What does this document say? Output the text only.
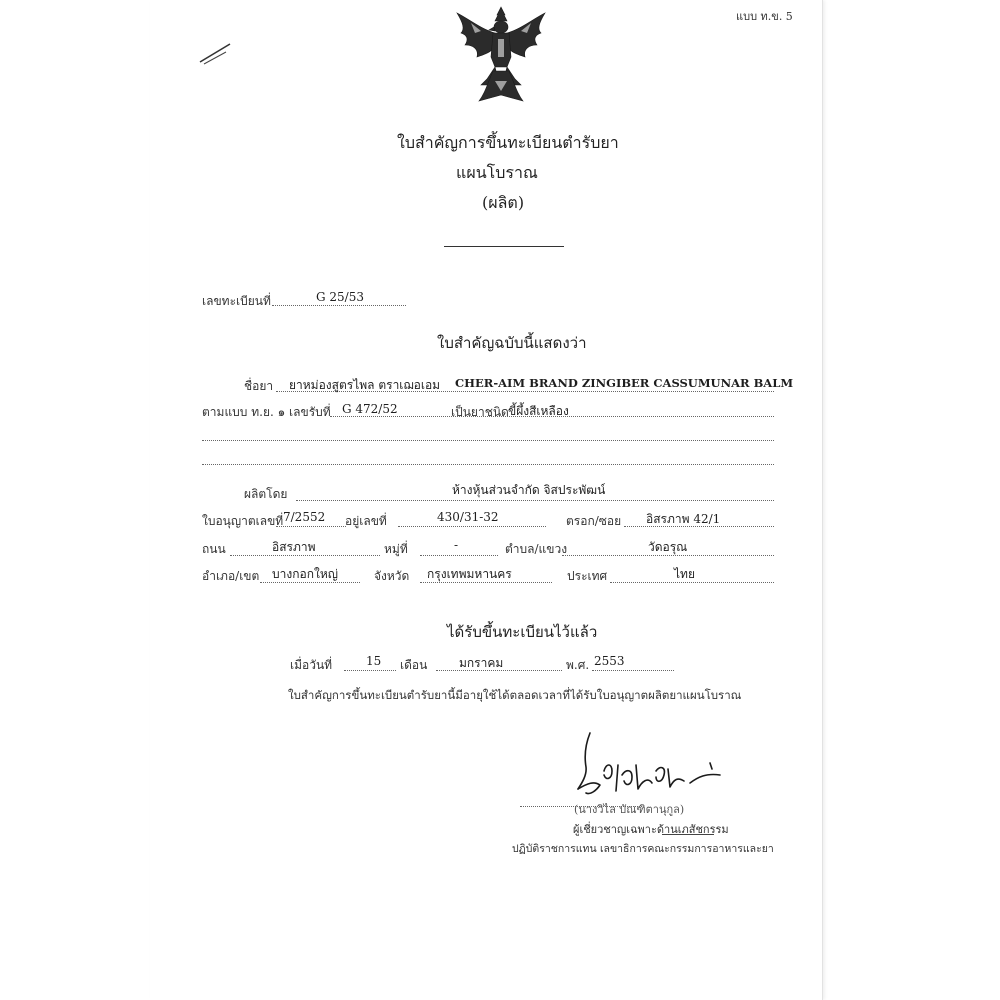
แบบ ท.ข. 5
ใบสำคัญการขึ้นทะเบียนตำรับยา
แผนโบราณ
(ผลิต)
เลขทะเบียนที่	G 25/53
ใบสำคัญฉบับนี้แสดงว่า
ชื่อยา ยาหม่องสูตรไพล ตราเฌอเอม CHER-AIM BRAND ZINGIBER CASSUMUNAR BALM
ตามแบบ ท.ย. ๑ เลขรับที่ G 472/52	เป็นยาชนิด ขี้ผึ้งสีเหลือง
ผลิตโดย	ห้างหุ้นส่วนจำกัด จิสประพัฒน์
ใบอนุญาตเลขที่ 7/2552 อยู่เลขที่	430/31-32	ตรอก/ซอย อิสรภาพ 42/1
ถนน	อิสรภาพ	หมู่ที่	-	ตำบล/แขวง	วัดอรุณ
อำเภอ/เขต บางกอกใหญ่	จังหวัด กรุงเทพมหานคร	ประเทศ	ไทย
ได้รับขึ้นทะเบียนไว้แล้ว
เมื่อวันที่	15 เดือน	มกราคม	พ.ศ. 2553
ใบสำคัญการขึ้นทะเบียนตำรับยานี้มีอายุใช้ได้ตลอดเวลาที่ได้รับใบอนุญาตผลิตยาแผนโบราณ
(นางวิไล บัณฑิตานุกูล)
ผู้เชี่ยวชาญเฉพาะด้านเภสัชกรรม
ปฏิบัติราชการแทน เลขาธิการคณะกรรมการอาหารและยา
